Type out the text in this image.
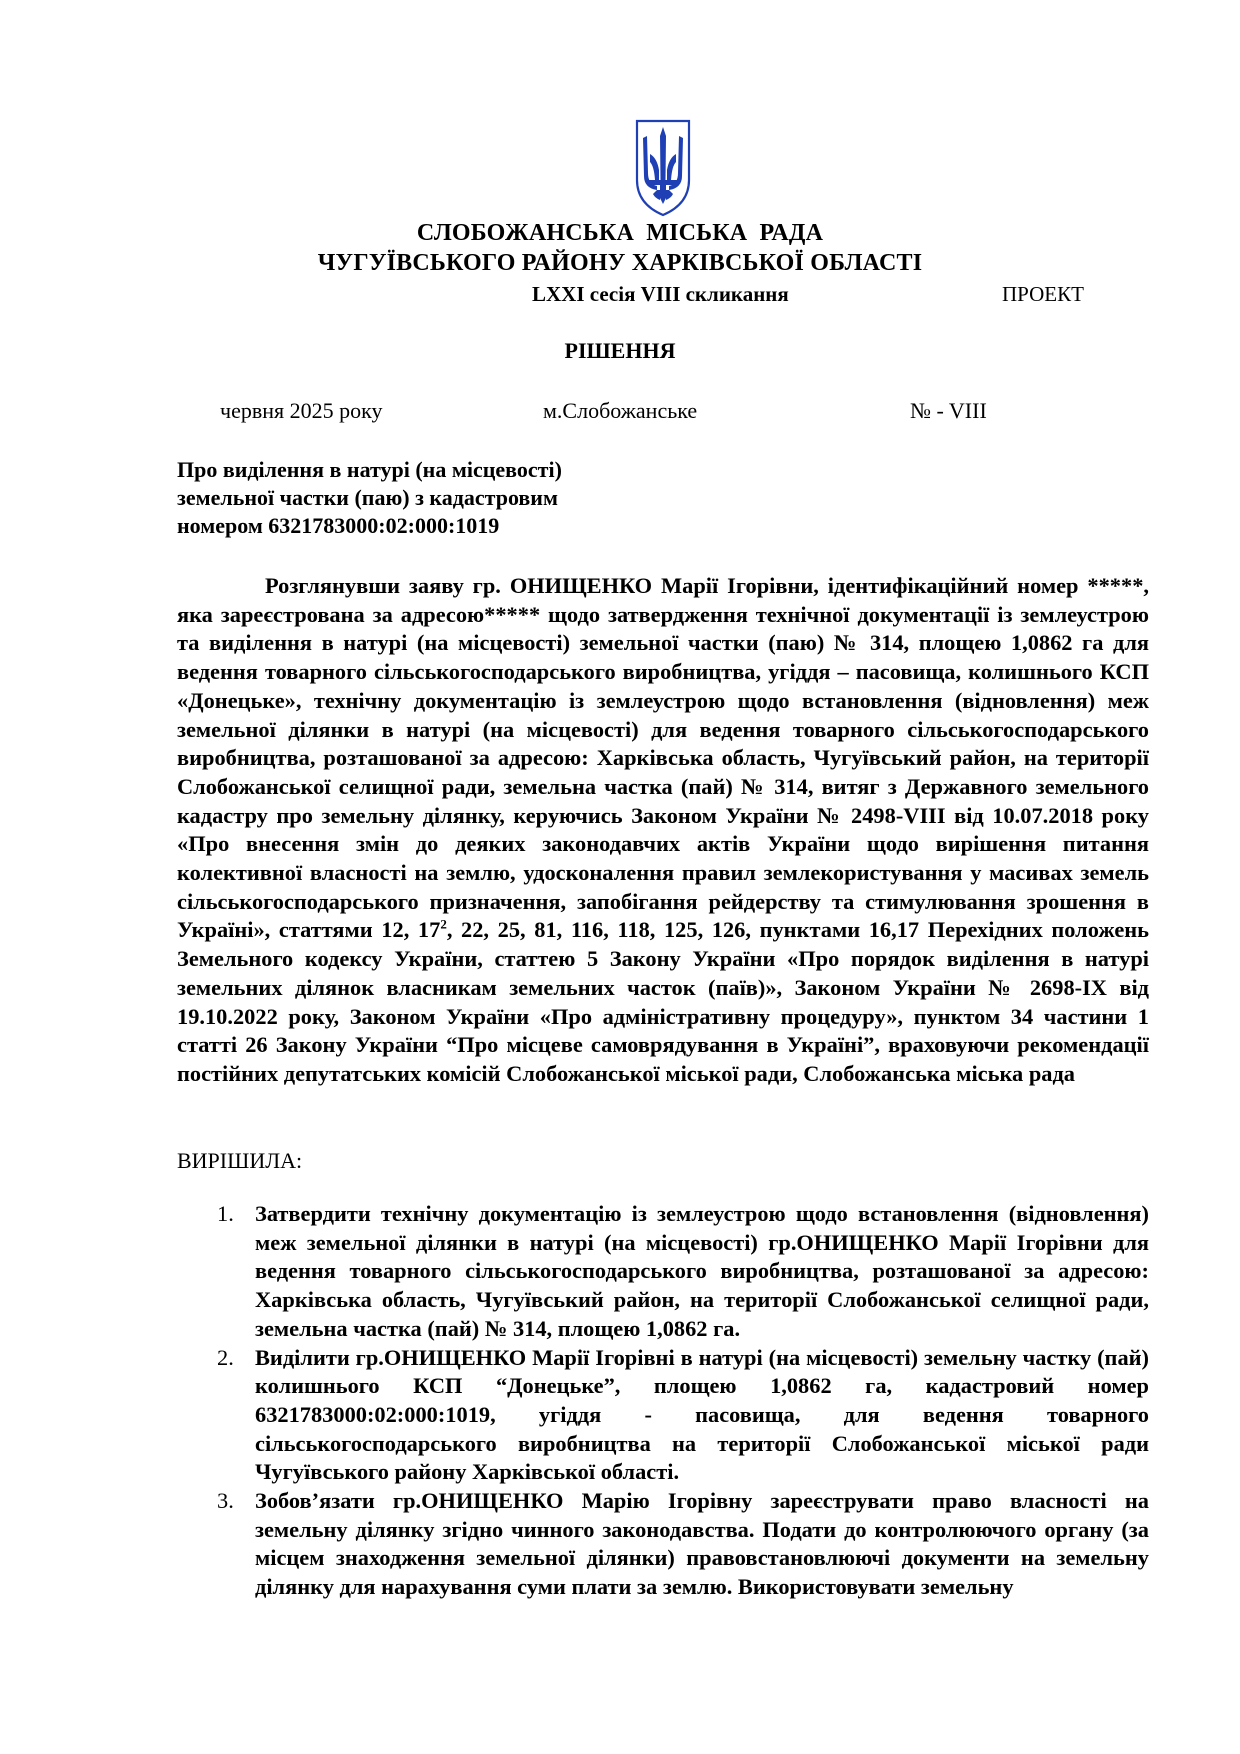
СЛОБОЖАНСЬКА МІСЬКА РАДА
ЧУГУЇВСЬКОГО РАЙОНУ ХАРКІВСЬКОЇ ОБЛАСТІ
LXXI сесія VIII скликання	ПРОЕКТ
РІШЕННЯ
червня 2025 року	м.Слобожанське	№ - VIII
Про виділення в натурі (на місцевості)
земельної частки (паю) з кадастровим
номером 6321783000:02:000:1019

Розглянувши заяву гр. ОНИЩЕНКО Марії Ігорівни, ідентифікаційний номер *****, яка зареєстрована за адресою***** щодо затвердження технічної документації із землеустрою та виділення в натурі (на місцевості) земельної частки (паю) № 314, площею 1,0862 га для ведення товарного сільськогосподарського виробництва, угіддя – пасовища, колишнього КСП «Донецьке», технічну документацію із землеустрою щодо встановлення (відновлення) меж земельної ділянки в натурі (на місцевості) для ведення товарного сільськогосподарського виробництва, розташованої за адресою: Харківська область, Чугуївський район, на території Слобожанської селищної ради, земельна частка (пай) № 314, витяг з Державного земельного кадастру про земельну ділянку, керуючись Законом України № 2498-VIII від 10.07.2018 року «Про внесення змін до деяких законодавчих актів України щодо вирішення питання колективної власності на землю, удосконалення правил землекористування у масивах земель сільськогосподарського призначення, запобігання рейдерству та стимулювання зрошення в Україні», статтями 12, $17^2$, 22, 25, 81, 116, 118, 125, 126, пунктами 16,17 Перехідних положень Земельного кодексу України, статтею 5 Закону України «Про порядок виділення в натурі земельних ділянок власникам земельних часток (паїв)», Законом України № 2698-IX від 19.10.2022 року, Законом України «Про адміністративну процедуру», пунктом 34 частини 1 статті 26 Закону України “Про місцеве самоврядування в Україні”, враховуючи рекомендації постійних депутатських комісій Слобожанської міської ради, Слобожанська міська рада

ВИРІШИЛА:
1. Затвердити технічну документацію із землеустрою щодо встановлення (відновлення) меж земельної ділянки в натурі (на місцевості) гр.ОНИЩЕНКО Марії Ігорівни для ведення товарного сільськогосподарського виробництва, розташованої за адресою: Харківська область, Чугуївський район, на території Слобожанської селищної ради, земельна частка (пай) № 314, площею 1,0862 га.
2. Виділити гр.ОНИЩЕНКО Марії Ігорівні в натурі (на місцевості) земельну частку (пай) колишнього КСП “Донецьке”, площею 1,0862 га, кадастровий номер 6321783000:02:000:1019, угіддя - пасовища, для ведення товарного сільськогосподарського виробництва на території Слобожанської міської ради Чугуївського району Харківської області.
3. Зобов’язати гр.ОНИЩЕНКО Марію Ігорівну зареєструвати право власності на земельну ділянку згідно чинного законодавства. Подати до контролюючого органу (за місцем знаходження земельної ділянки) правовстановлюючі документи на земельну ділянку для нарахування суми плати за землю. Використовувати земельну
